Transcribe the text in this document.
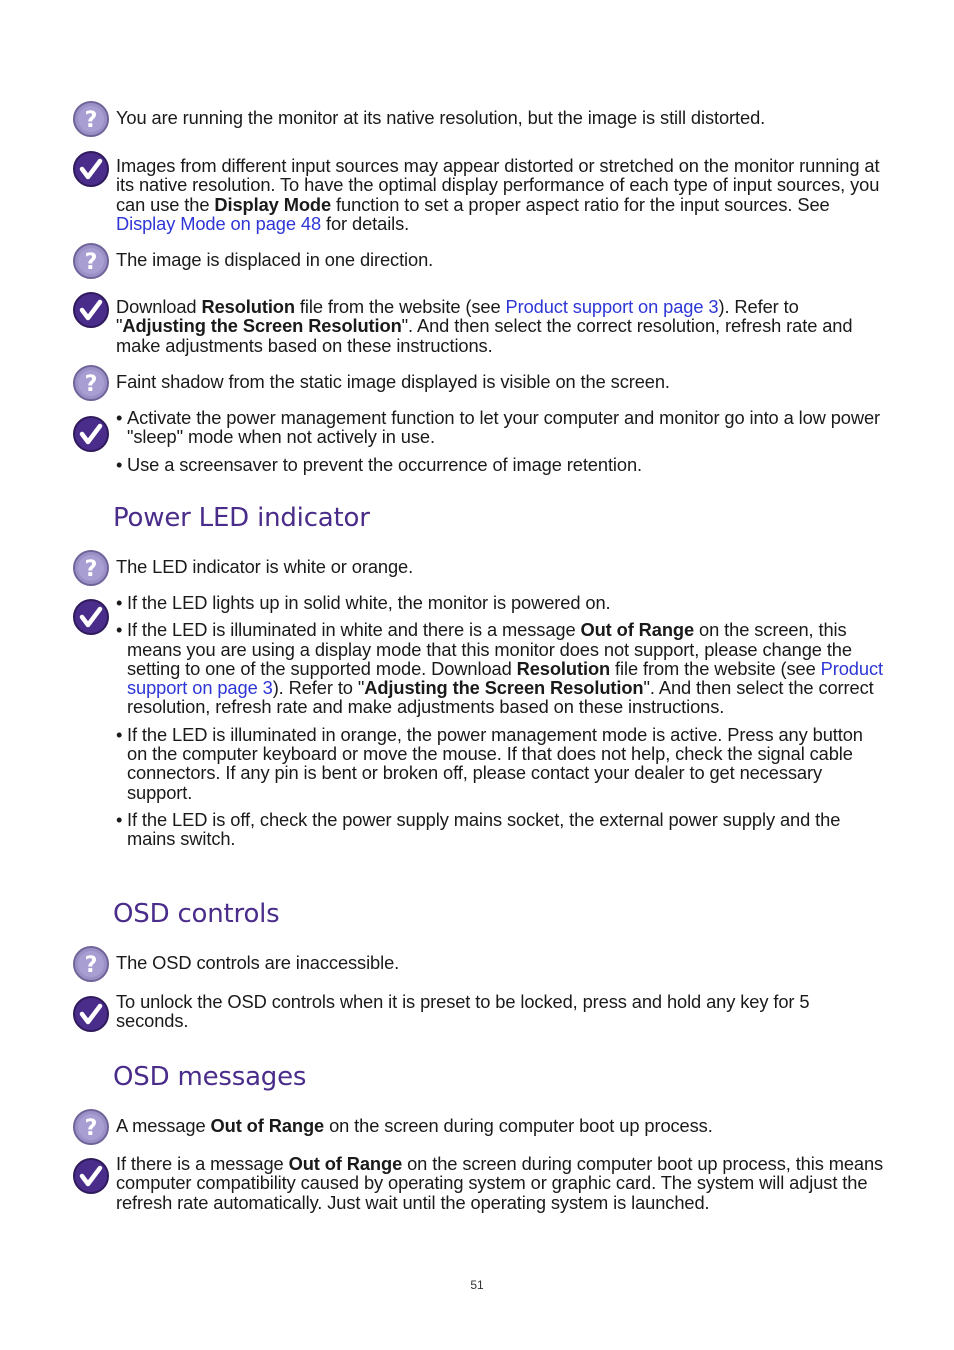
? You are running the monitor at its native resolution, but the image is still distorted.
Images from different input sources may appear distorted or stretched on the monitor running at its native resolution. To have the optimal display performance of each type of input sources, you can use the Display Mode function to set a proper aspect ratio for the input sources. See Display Mode on page 48 for details.
? The image is displaced in one direction.
Download Resolution file from the website (see Product support on page 3). Refer to "Adjusting the Screen Resolution". And then select the correct resolution, refresh rate and make adjustments based on these instructions.
? Faint shadow from the static image displayed is visible on the screen.
• Activate the power management function to let your computer and monitor go into a low power "sleep" mode when not actively in use.
• Use a screensaver to prevent the occurrence of image retention.
Power LED indicator
? The LED indicator is white or orange.
• If the LED lights up in solid white, the monitor is powered on.
• If the LED is illuminated in white and there is a message Out of Range on the screen, this means you are using a display mode that this monitor does not support, please change the setting to one of the supported mode. Download Resolution file from the website (see Product support on page 3). Refer to "Adjusting the Screen Resolution". And then select the correct resolution, refresh rate and make adjustments based on these instructions.
• If the LED is illuminated in orange, the power management mode is active. Press any button on the computer keyboard or move the mouse. If that does not help, check the signal cable connectors. If any pin is bent or broken off, please contact your dealer to get necessary support.
• If the LED is off, check the power supply mains socket, the external power supply and the mains switch.
OSD controls
? The OSD controls are inaccessible.
To unlock the OSD controls when it is preset to be locked, press and hold any key for 5 seconds.
OSD messages
? A message Out of Range on the screen during computer boot up process.
If there is a message Out of Range on the screen during computer boot up process, this means computer compatibility caused by operating system or graphic card. The system will adjust the refresh rate automatically. Just wait until the operating system is launched.
51
